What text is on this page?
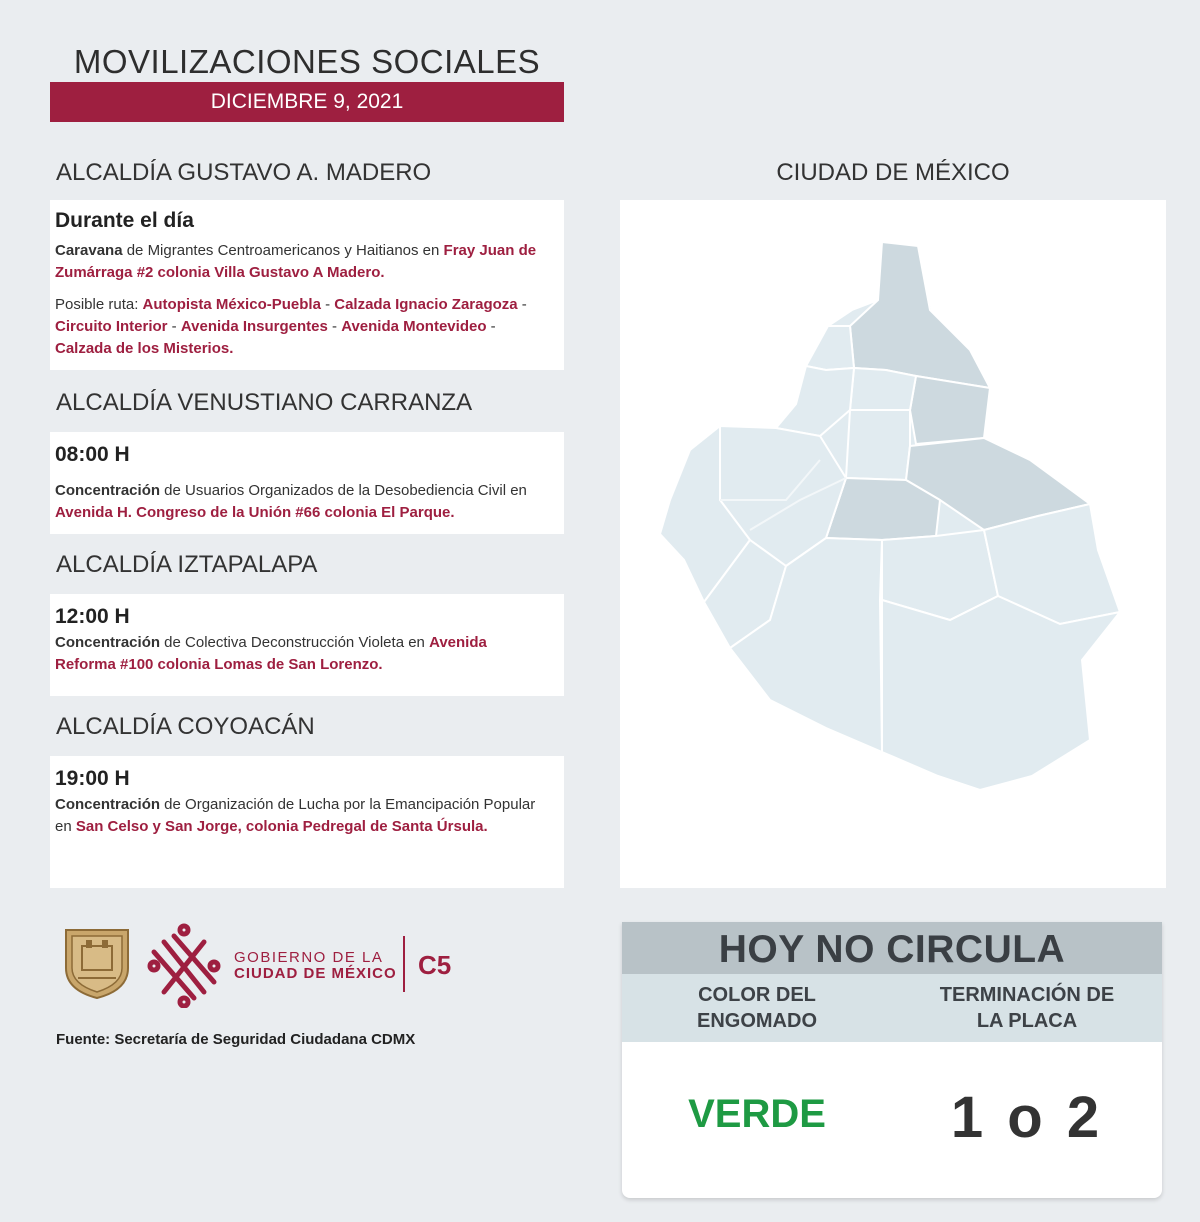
MOVILIZACIONES SOCIALES
DICIEMBRE 9, 2021
ALCALDÍA GUSTAVO A. MADERO
Durante el día

Caravana de Migrantes Centroamericanos y Haitianos en Fray Juan de Zumárraga #2 colonia Villa Gustavo A Madero.

Posible ruta: Autopista México-Puebla - Calzada Ignacio Zaragoza - Circuito Interior - Avenida Insurgentes - Avenida Montevideo - Calzada de los Misterios.

ALCALDÍA VENUSTIANO CARRANZA
08:00 H

Concentración de Usuarios Organizados de la Desobediencia Civil en Avenida H. Congreso de la Unión #66 colonia El Parque.

ALCALDÍA IZTAPALAPA
12:00 H

Concentración de Colectiva Deconstrucción Violeta en Avenida Reforma #100 colonia Lomas de San Lorenzo.

ALCALDÍA COYOACÁN
19:00 H

Concentración de Organización de Lucha por la Emancipación Popular en San Celso y San Jorge, colonia Pedregal de Santa Úrsula.

CIUDAD DE MÉXICO
GOBIERNO DE LA
CIUDAD DE MÉXICO C5
Fuente: Secretaría de Seguridad Ciudadana CDMX
HOY NO CIRCULA
COLOR DEL
ENGOMADO
TERMINACIÓN DE
LA PLACA
VERDE	1 o 2
